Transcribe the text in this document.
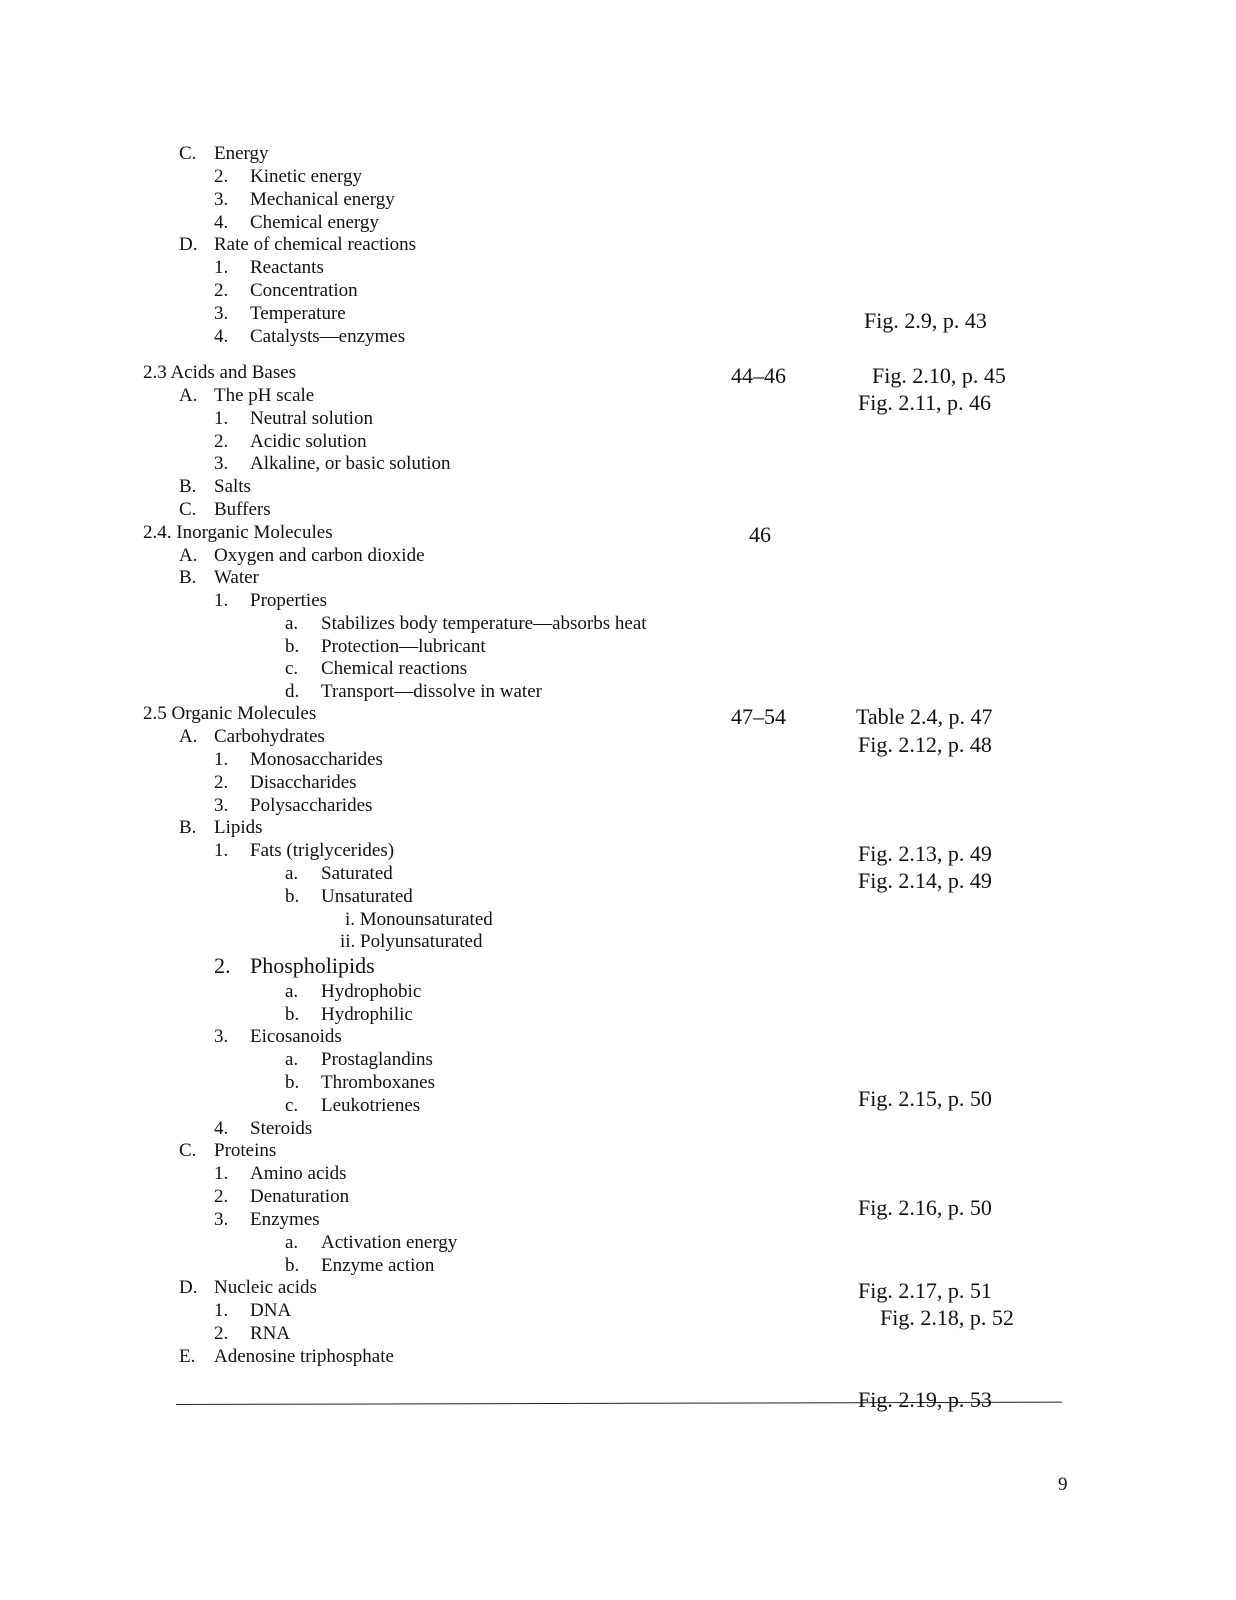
C. Energy
2. Kinetic energy
3. Mechanical energy
4. Chemical energy
D. Rate of chemical reactions
1. Reactants
2. Concentration
3. Temperature
4. Catalysts—enzymes
2.3 Acids and Bases
A. The pH scale
1. Neutral solution
2. Acidic solution
3. Alkaline, or basic solution
B. Salts
C. Buffers
2.4. Inorganic Molecules
A. Oxygen and carbon dioxide
B. Water
1. Properties
a. Stabilizes body temperature—absorbs heat
b. Protection—lubricant
c. Chemical reactions
d. Transport—dissolve in water
2.5 Organic Molecules
A. Carbohydrates
1. Monosaccharides
2. Disaccharides
3. Polysaccharides
B. Lipids
1. Fats (triglycerides)
a. Saturated
b. Unsaturated
i. Monounsaturated
ii. Polyunsaturated
2. Phospholipids
a. Hydrophobic
b. Hydrophilic
3. Eicosanoids
a. Prostaglandins
b. Thromboxanes
c. Leukotrienes
4. Steroids
C. Proteins
1. Amino acids
2. Denaturation
3. Enzymes
a. Activation energy
b. Enzyme action
D. Nucleic acids
1. DNA
2. RNA
E. Adenosine triphosphate
44–46
46
47–54
Fig. 2.9, p. 43
Fig. 2.10, p. 45
Fig. 2.11, p. 46
Table 2.4, p. 47
Fig. 2.12, p. 48
Fig. 2.13, p. 49
Fig. 2.14, p. 49
Fig. 2.15, p. 50
Fig. 2.16, p. 50
Fig. 2.17, p. 51
Fig. 2.18, p. 52
Fig. 2.19, p. 53
9
